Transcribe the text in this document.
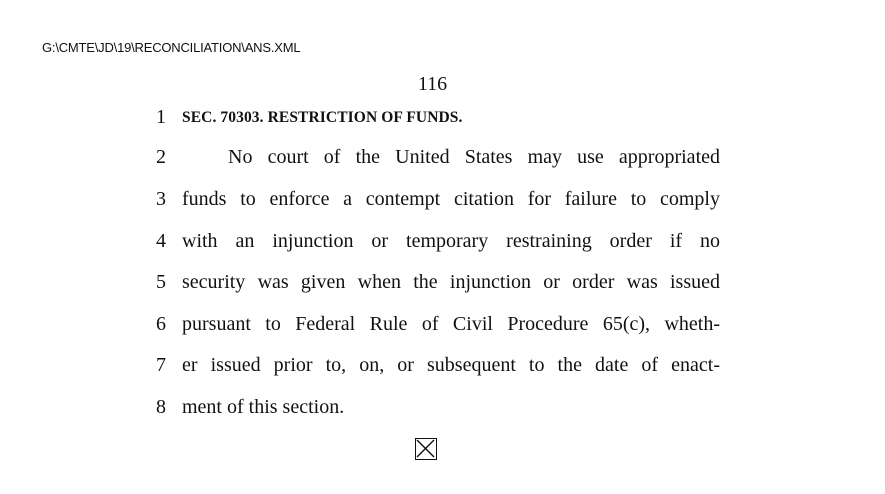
G:\CMTE\JD\19\RECONCILIATION\ANS.XML
116
1 SEC. 70303. RESTRICTION OF FUNDS.
2	No court of the United States may use appropriated
3 funds to enforce a contempt citation for failure to comply
4 with an injunction or temporary restraining order if no
5 security was given when the injunction or order was issued
6 pursuant to Federal Rule of Civil Procedure 65(c), wheth-
7 er issued prior to, on, or subsequent to the date of enact-
8 ment of this section.
